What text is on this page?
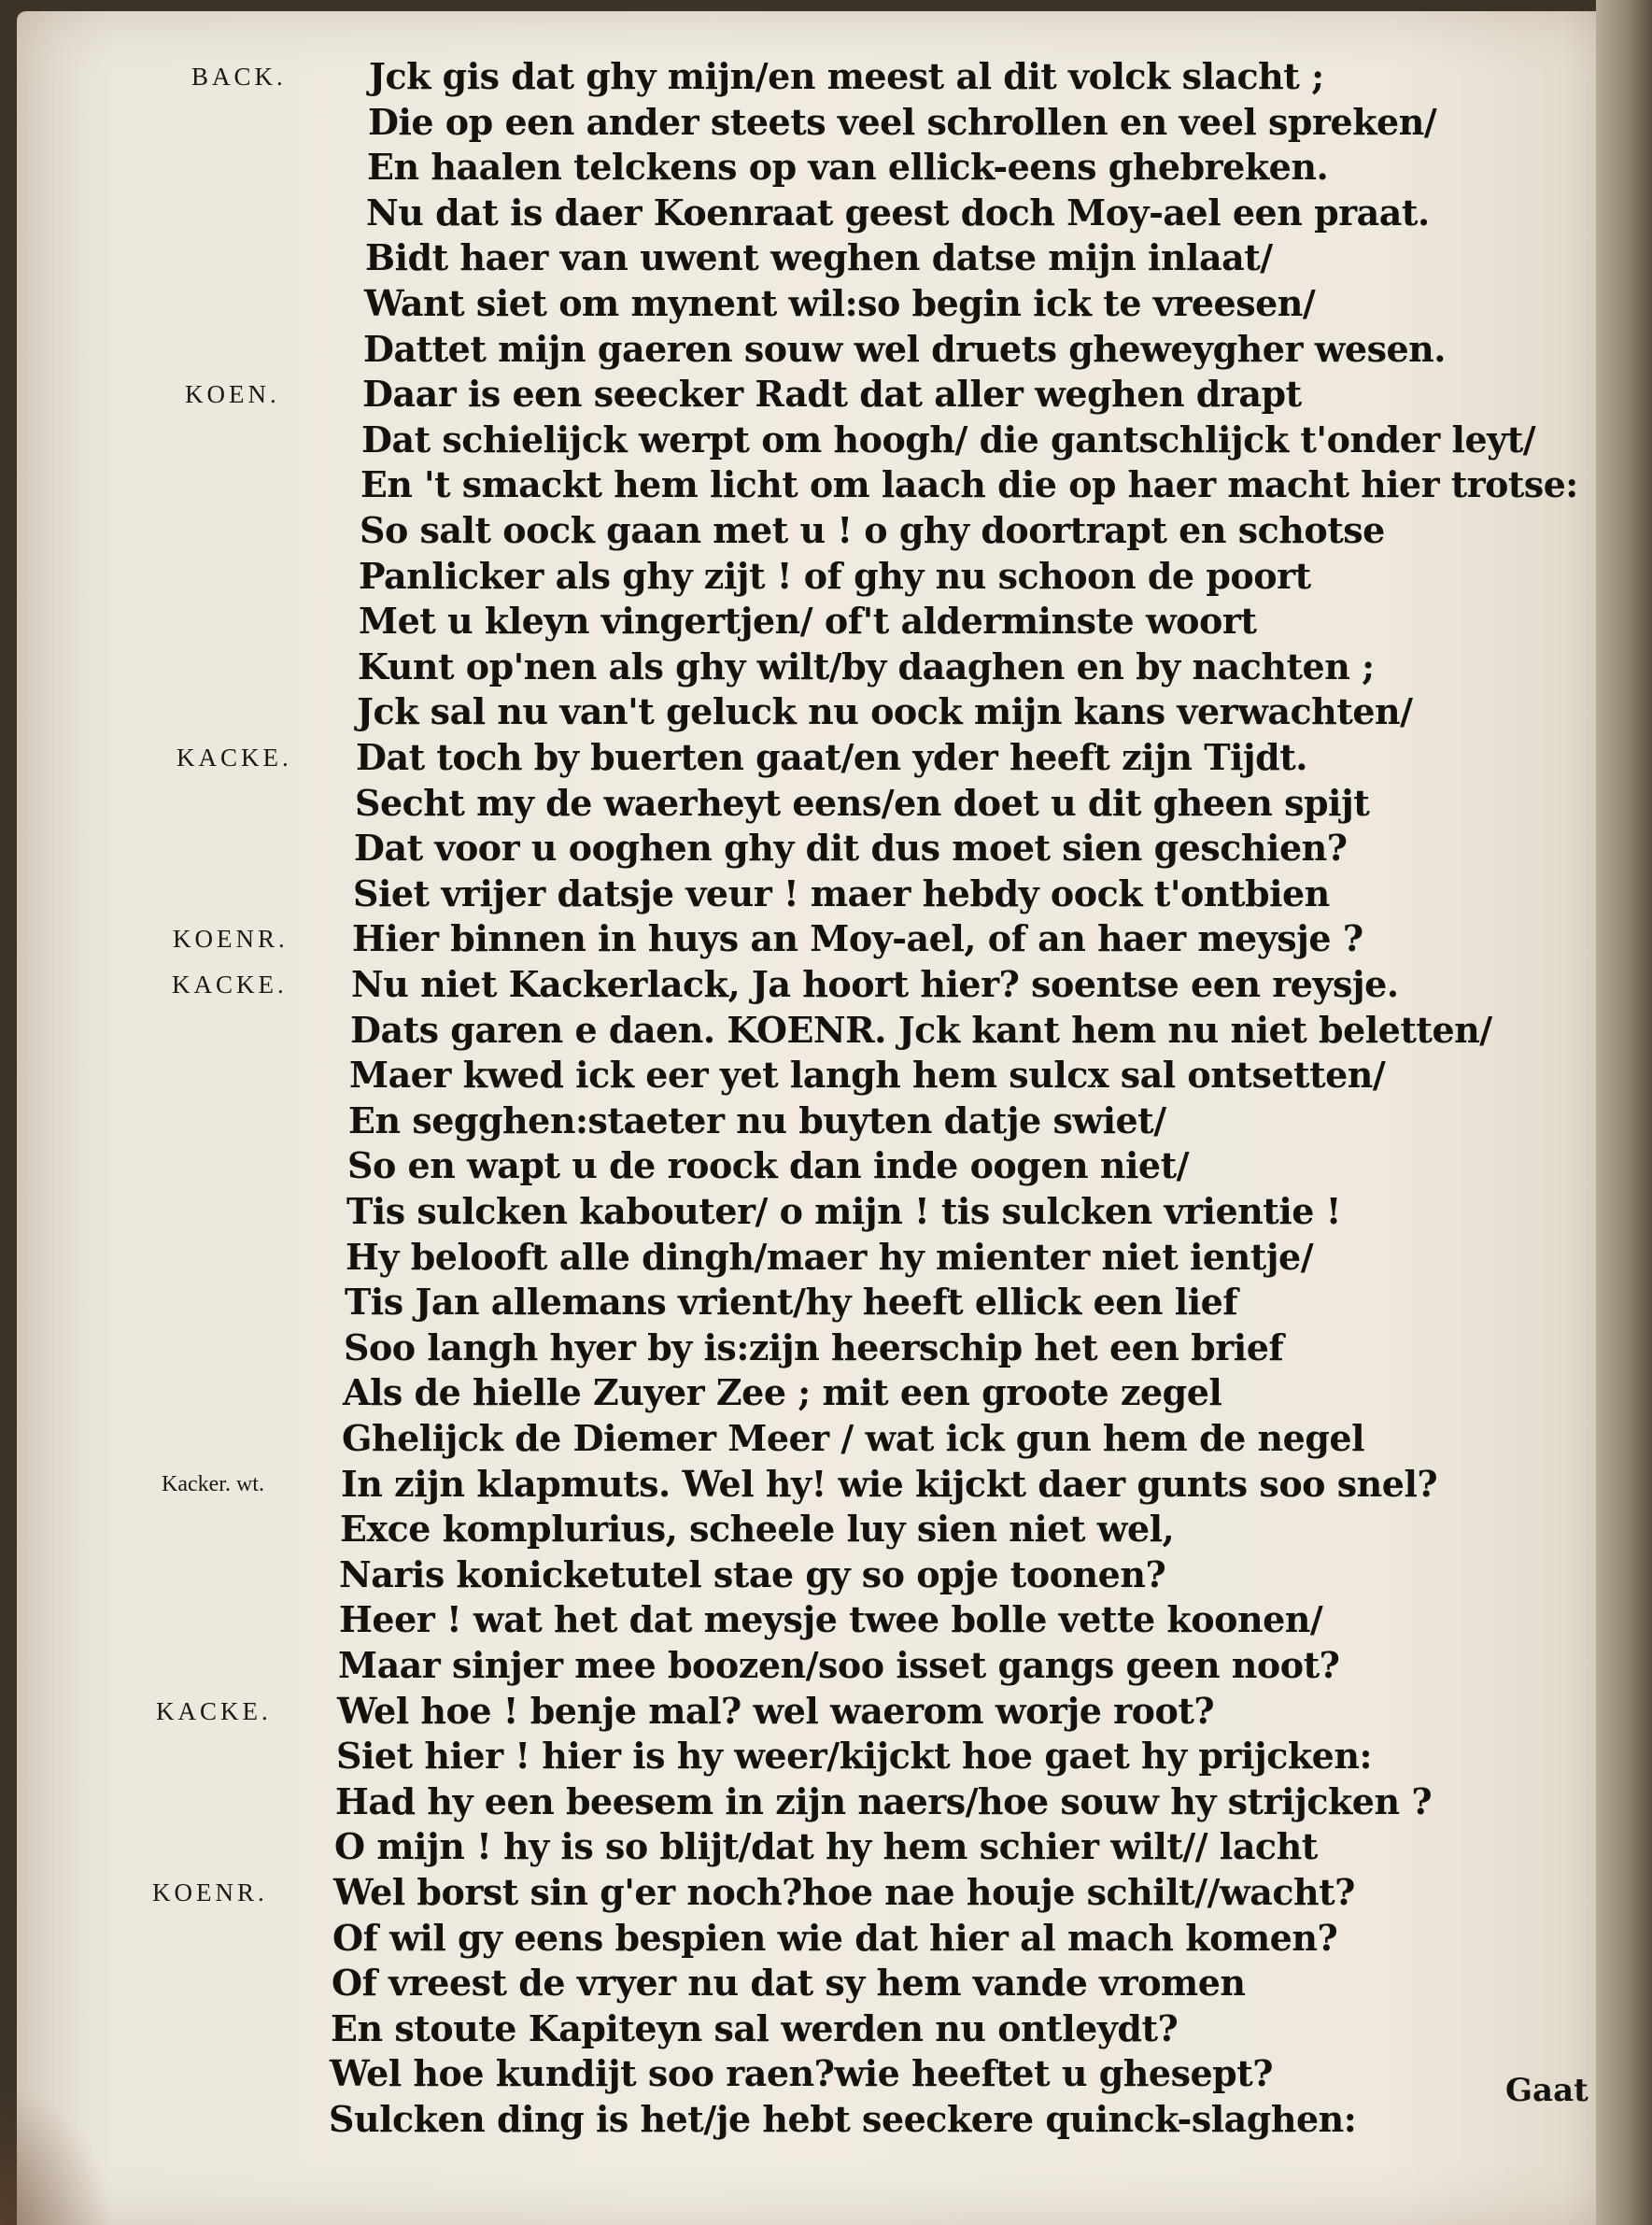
Jck gis dat ghy mijn/en meest al dit volck slacht ;
Die op een ander steets veel schrollen en veel spreken/
En haalen telckens op van ellick-eens ghebreken.
Nu dat is daer Koenraat geest doch Moy-ael een praat.
Bidt haer van uwent weghen datse mijn inlaat/
Want siet om mynent wil:so begin ick te vreesen/
Dattet mijn gaeren souw wel druets gheweygher wesen.
Daar is een seecker Radt dat aller weghen drapt
Dat schielijck werpt om hoogh/ die gantschlijck t'onder leyt/
En 't smackt hem licht om laach die op haer macht hier trotse:
So salt oock gaan met u ! o ghy doortrapt en schotse
Panlicker als ghy zijt ! of ghy nu schoon de poort
Met u kleyn vingertjen/ of't alderminste woort
Kunt op'nen als ghy wilt/by daaghen en by nachten ;
Jck sal nu van't geluck nu oock mijn kans verwachten/
Dat toch by buerten gaat/en yder heeft zijn Tijdt.
Secht my de waerheyt eens/en doet u dit gheen spijt
Dat voor u ooghen ghy dit dus moet sien geschien?
Siet vrijer datsje veur ! maer hebdy oock t'ontbien
Hier binnen in huys an Moy-ael, of an haer meysje ?
Nu niet Kackerlack, Ja hoort hier? soentse een reysje.
Dats garen e daen. KOENR. Jck kant hem nu niet beletten/
Maer kwed ick eer yet langh hem sulcx sal ontsetten/
En segghen:staeter nu buyten datje swiet/
So en wapt u de roock dan inde oogen niet/
Tis sulcken kabouter/ o mijn ! tis sulcken vrientie !
Hy belooft alle dingh/maer hy mienter niet ientje/
Tis Jan allemans vrient/hy heeft ellick een lief
Soo langh hyer by is:zijn heerschip het een brief
Als de hielle Zuyer Zee ; mit een groote zegel
Ghelijck de Diemer Meer / wat ick gun hem de negel
In zijn klapmuts. Wel hy! wie kijckt daer gunts soo snel?
Exce komplurius, scheele luy sien niet wel,
Naris konicketutel stae gy so opje toonen?
Heer ! wat het dat meysje twee bolle vette koonen/
Maar sinjer mee boozen/soo isset gangs geen noot?
Wel hoe ! benje mal? wel waerom worje root?
Siet hier ! hier is hy weer/kijckt hoe gaet hy prijcken:
Had hy een beesem in zijn naers/hoe souw hy strijcken ?
O mijn ! hy is so blijt/dat hy hem schier wilt// lacht
Wel borst sin g'er noch?hoe nae houje schilt//wacht?
Of wil gy eens bespien wie dat hier al mach komen?
Of vreest de vryer nu dat sy hem vande vromen
En stoute Kapiteyn sal werden nu ontleydt?
Wel hoe kundijt soo raen?wie heeftet u ghesept?
Sulcken ding is het/je hebt seeckere quinck-slaghen:
BACK.
KOEN.
KACKE.
KOENR.
KACKE.
Kacker. wt.
KACKE.
KOENR.
Gaat
